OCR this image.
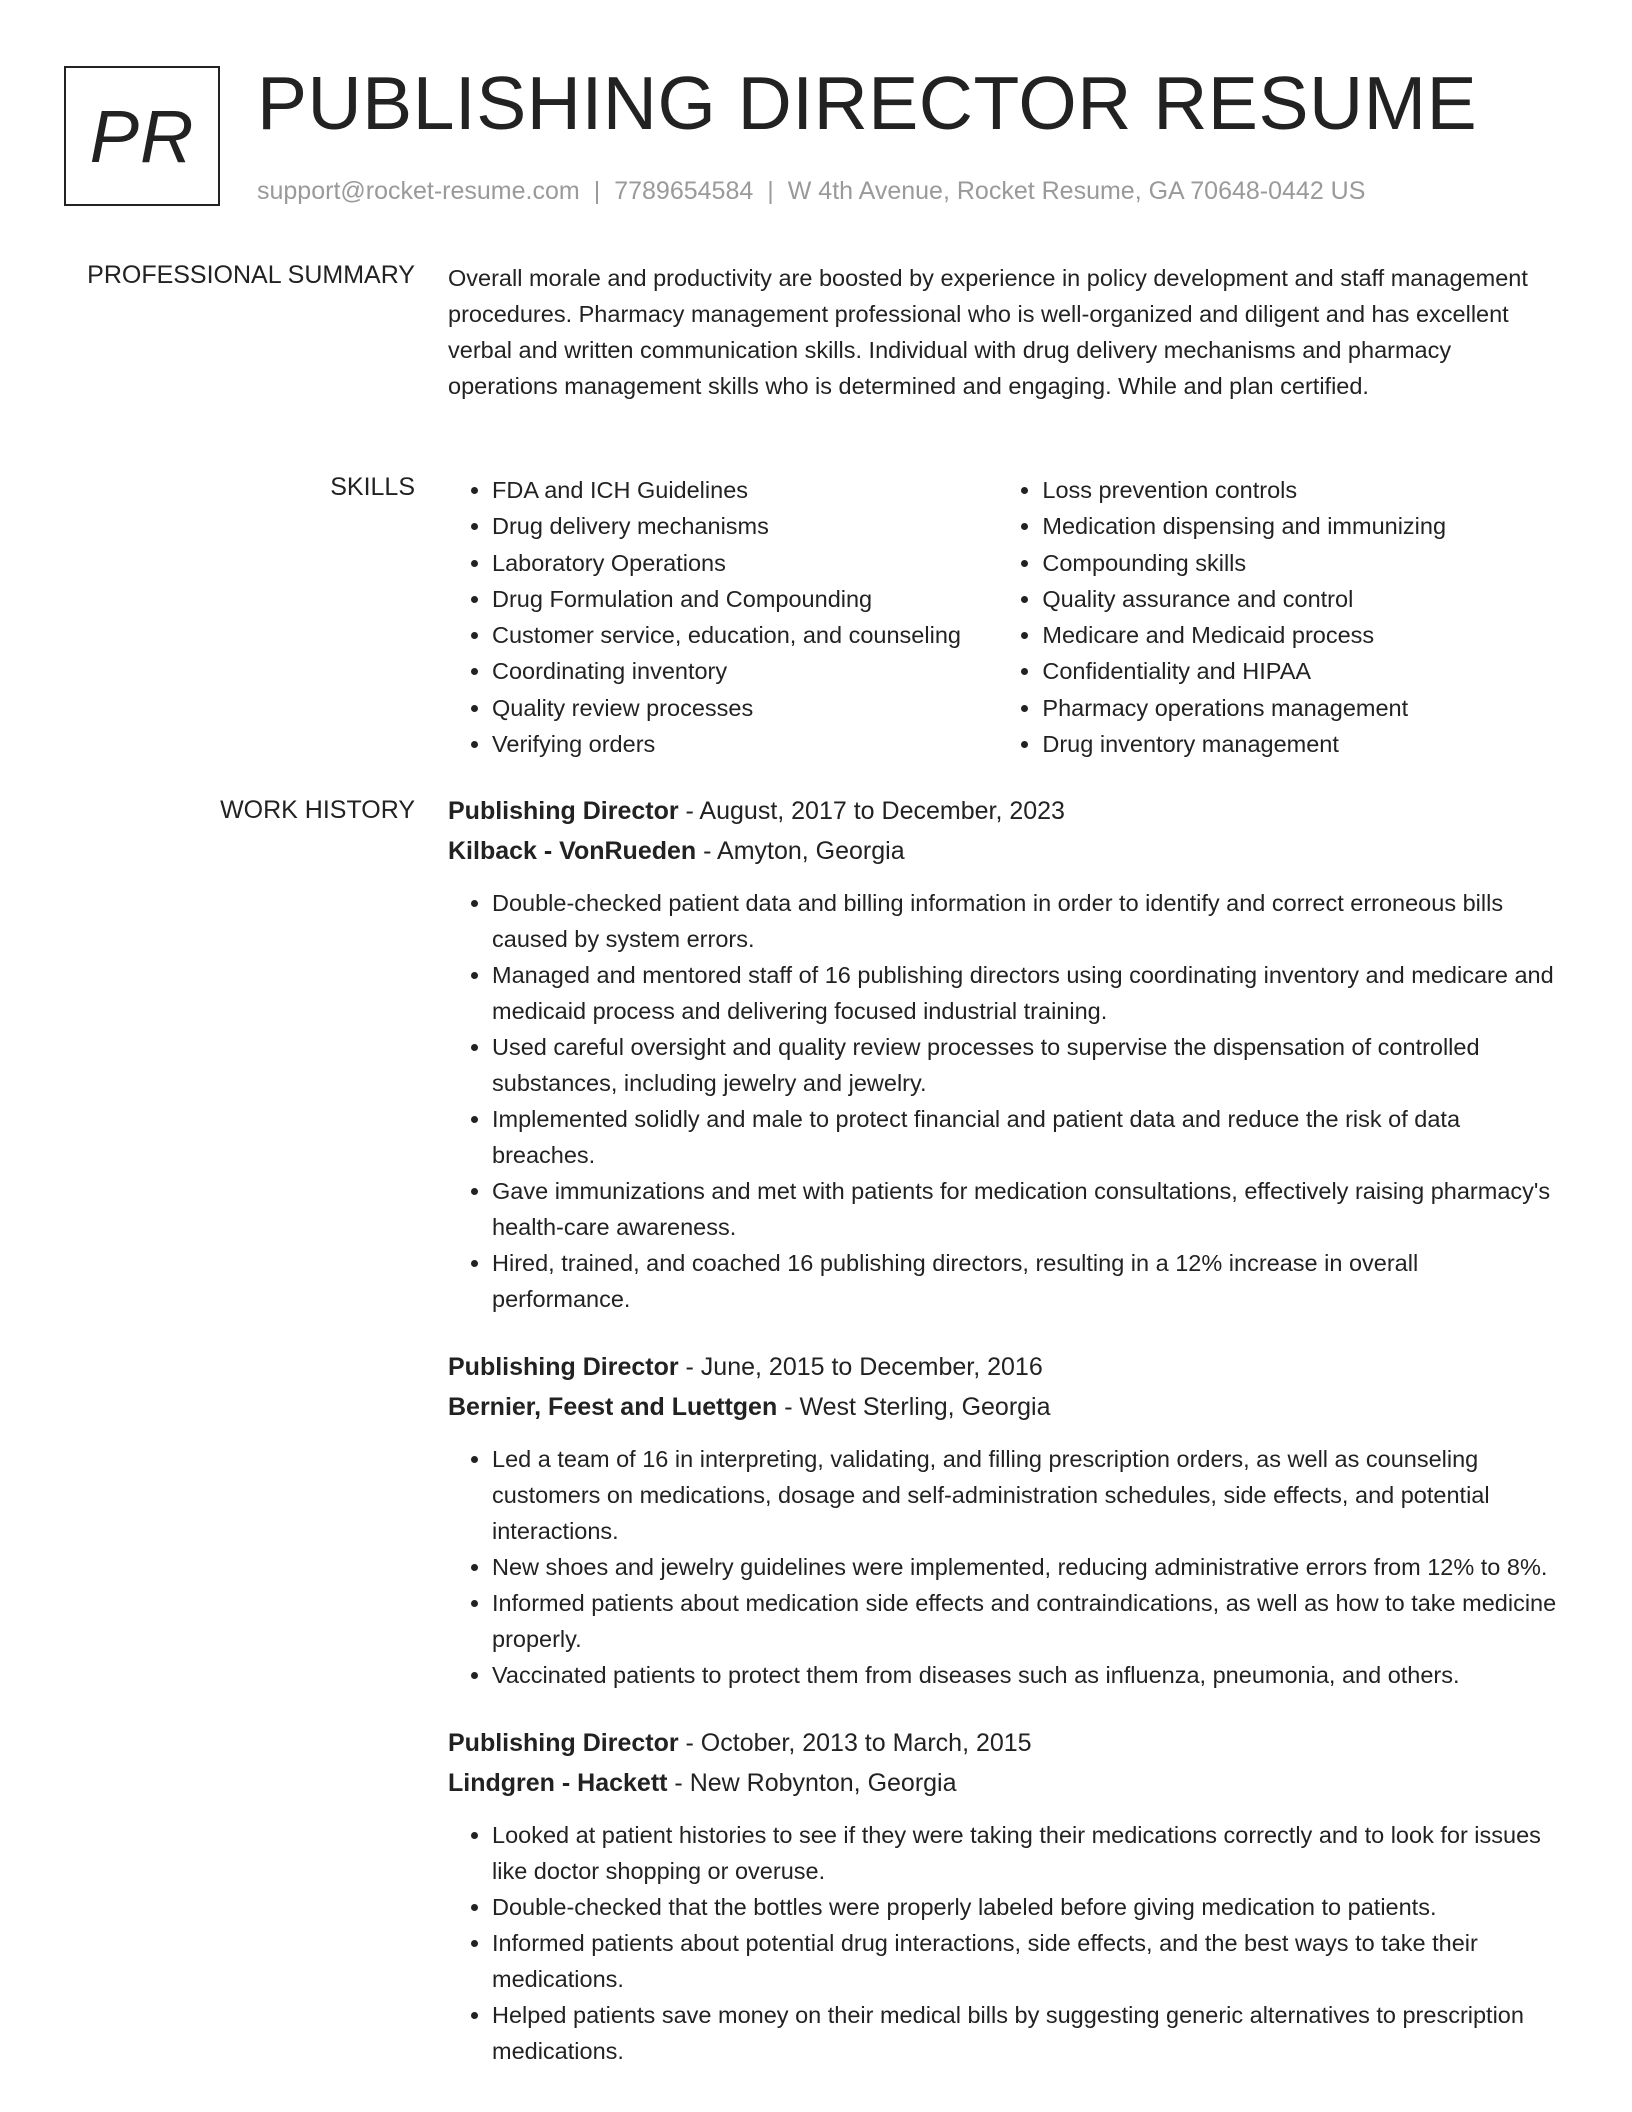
PR PUBLISHING DIRECTOR RESUME
support@rocket-resume.com | 7789654584 | W 4th Avenue, Rocket Resume, GA 70648-0442 US
PROFESSIONAL SUMMARY Overall morale and productivity are boosted by experience in policy development and staff management procedures. Pharmacy management professional who is well-organized and diligent and has excellent verbal and written communication skills. Individual with drug delivery mechanisms and pharmacy operations management skills who is determined and engaging. While and plan certified.

SKILLS
•	FDA and ICH Guidelines
• Drug delivery mechanisms
• Laboratory Operations
• Drug Formulation and Compounding
• Customer service, education, and counseling
• Coordinating inventory
• Quality review processes
• Verifying orders
• Loss prevention controls
• Medication dispensing and immunizing
• Compounding skills
• Quality assurance and control
• Medicare and Medicaid process
• Confidentiality and HIPAA
• Pharmacy operations management
• Drug inventory management
WORK HISTORY Publishing Director - August, 2017 to December, 2023
Kilback - VonRueden - Amyton, Georgia
• Double-checked patient data and billing information in order to identify and correct erroneous bills caused by system errors.
• Managed and mentored staff of 16 publishing directors using coordinating inventory and medicare and medicaid process and delivering focused industrial training.
• Used careful oversight and quality review processes to supervise the dispensation of controlled substances, including jewelry and jewelry.
• Implemented solidly and male to protect financial and patient data and reduce the risk of data breaches.
• Gave immunizations and met with patients for medication consultations, effectively raising pharmacy's health-care awareness.
• Hired, trained, and coached 16 publishing directors, resulting in a 12% increase in overall performance.
Publishing Director - June, 2015 to December, 2016
Bernier, Feest and Luettgen - West Sterling, Georgia
• Led a team of 16 in interpreting, validating, and filling prescription orders, as well as counseling customers on medications, dosage and self-administration schedules, side effects, and potential interactions.
• New shoes and jewelry guidelines were implemented, reducing administrative errors from 12% to 8%.
• Informed patients about medication side effects and contraindications, as well as how to take medicine properly.
• Vaccinated patients to protect them from diseases such as influenza, pneumonia, and others.
Publishing Director - October, 2013 to March, 2015
Lindgren - Hackett - New Robynton, Georgia
• Looked at patient histories to see if they were taking their medications correctly and to look for issues like doctor shopping or overuse.
• Double-checked that the bottles were properly labeled before giving medication to patients.
• Informed patients about potential drug interactions, side effects, and the best ways to take their medications.
• Helped patients save money on their medical bills by suggesting generic alternatives to prescription medications.
